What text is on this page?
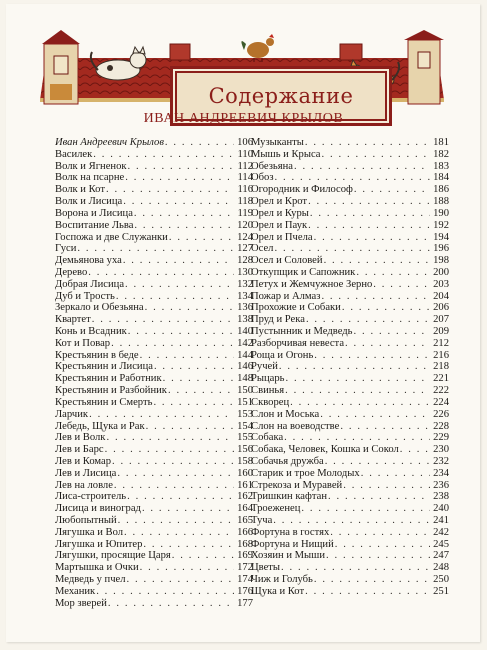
Содержание
ИВАН АНДРЕЕВИЧ КРЫЛОВ
Иван Андреевич Крылов . . .	106
Василек . . .	110
Волк и Ягненок . . .	112
Волк на псарне . . .	114
Волк и Кот . . .	116
Волк и Лисица . . .	118
Ворона и Лисица . . .	119
Воспитание Льва . . .	120
Госпожа и две Служанки . . .	124
Гуси . . .	127
Демьянова уха . . .	128
Дерево . . .	130
Добрая Лисица . . .	132
Дуб и Трость . . .	134
Зеркало и Обезьяна . . .	136
Квартет . . .	138
Конь и Всадник . . .	140
Кот и Повар . . .	142
Крестьянин в беде . . .	144
Крестьянин и Лисица . . .	146
Крестьянин и Работник . . .	148
Крестьянин и Разбойник . . .	150
Крестьянин и Смерть . . .	151
Ларчик . . .	153
Лебедь, Щука и Рак . . .	154
Лев и Волк . . .	155
Лев и Барс . . .	156
Лев и Комар . . .	158
Лев и Лисица . . .	160
Лев на ловле . . .	161
Лиса-строитель . . .	162
Лисица и виноград . . .	164
Любопытный . . .	165
Лягушка и Вол . . .	166
Лягушка и Юпитер . . .	168
Лягушки, просящие Царя . . .	169
Мартышка и Очки . . .	172
Медведь у пчел . . .	174
Механик . . .	176
Мор зверей . . .	177
Музыканты . . .	181
Мышь и Крыса . . .	182
Обезьяна . . .	183
Обоз . . .	184
Огородник и Философ . . .	186
Орел и Крот . . .	188
Орел и Куры . . .	190
Орел и Паук . . .	192
Орел и Пчела . . .	194
Осел . . .	196
Осел и Соловей . . .	198
Откупщик и Сапожник . . .	200
Петух и Жемчужное Зерно . . .	203
Пожар и Алмаз . . .	204
Прохожие и Собаки . . .	206
Пруд и Река . . .	207
Пустынник и Медведь . . .	209
Разборчивая невеста . . .	212
Роща и Огонь . . .	216
Ручей . . .	218
Рыцарь . . .	221
Свинья . . .	222
Скворец . . .	224
Слон и Моська . . .	226
Слон на воеводстве . . .	228
Собака . . .	229
Собака, Человек, Кошка и Сокол . . .	230
Собачья дружба . . .	232
Старик и трое Молодых . . .	234
Стрекоза и Муравей . . .	236
Тришкин кафтан . . .	238
Троеженец . . .	240
Туча . . .	241
Фортуна в гостях . . .	242
Фортуна и Нищий . . .	245
Хозяин и Мыши . . .	247
Цветы . . .	248
Чиж и Голубь . . .	250
Щука и Кот . . .	251
